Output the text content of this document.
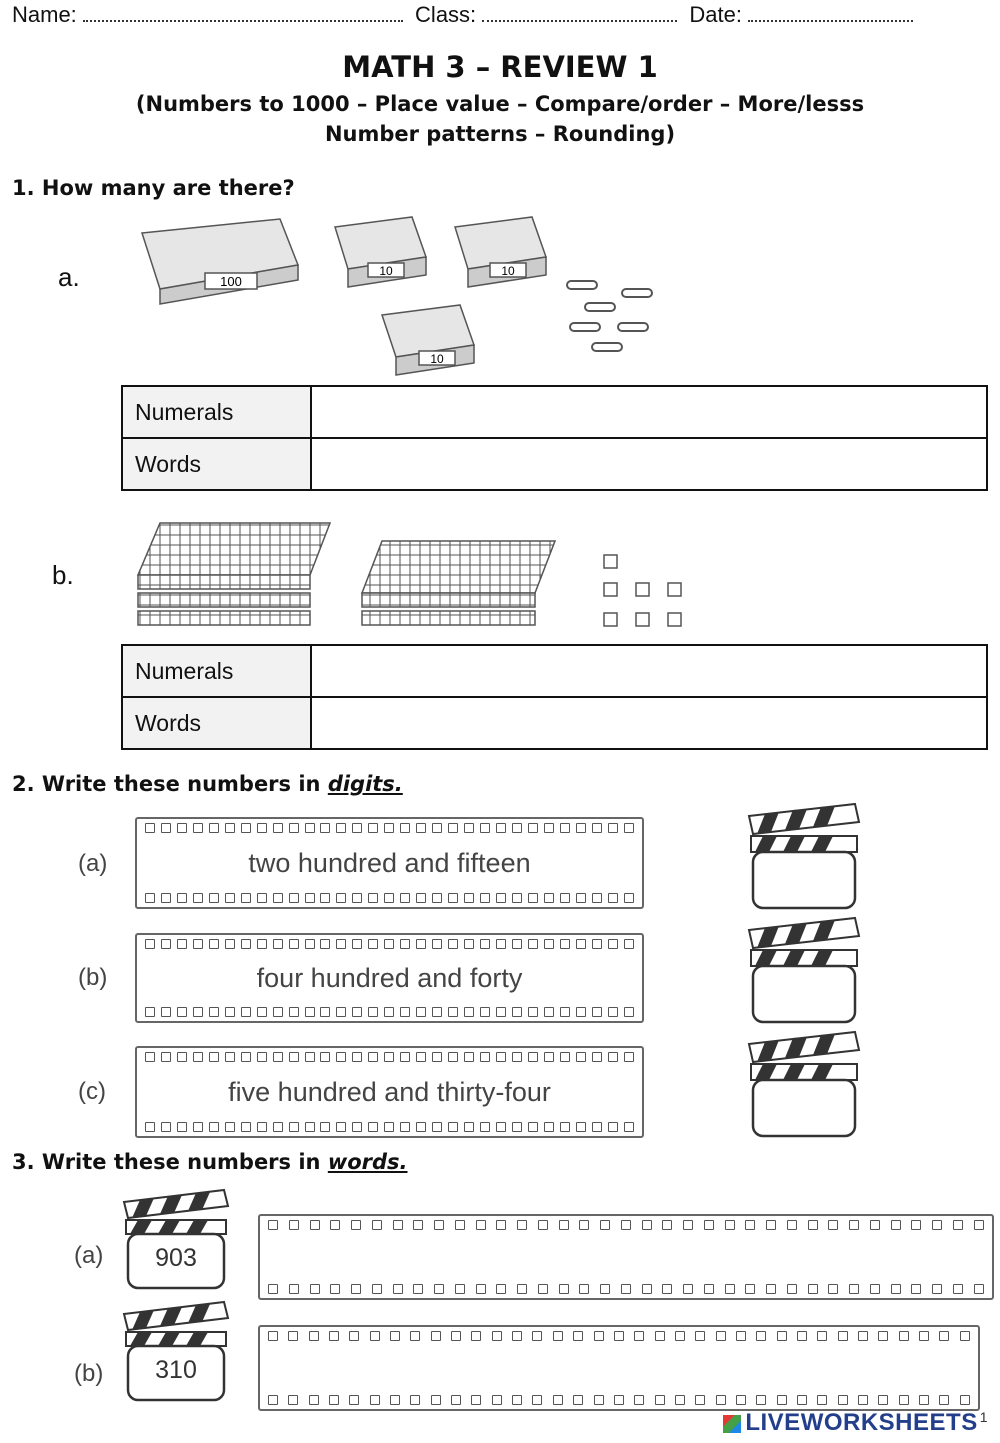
Name:	Class:	Date:
MATH 3 – REVIEW 1
(Numbers to 1000 – Place value – Compare/order – More/lesss
Number patterns – Rounding)
1. How many are there?
a.	100
10	10
10
Numerals	
Words	
b.
Numerals	
Words	
2. Write these numbers in digits.
(a)	two hundred and fifteen
(b)	four hundred and forty
(c)	five hundred and thirty-four
3. Write these numbers in words.
(a)	903
(b)	310
LIVEWORKSHEETS $^1$
